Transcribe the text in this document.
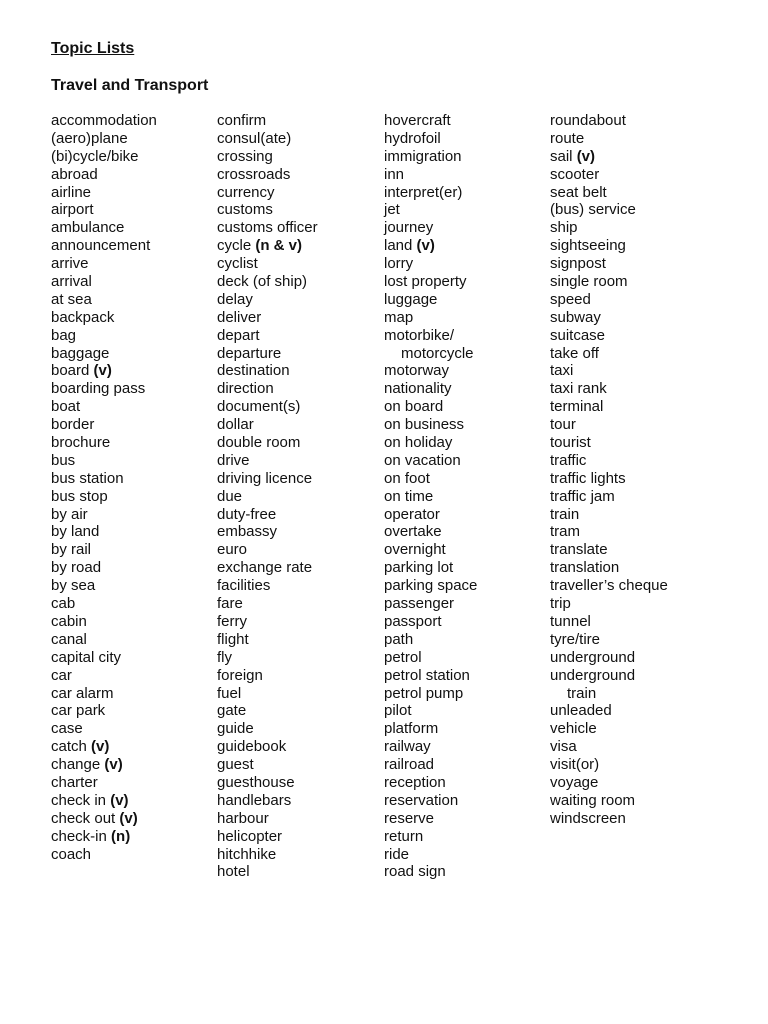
Topic Lists
Travel and Transport
accommodation
(aero)plane
(bi)cycle/bike
abroad
airline
airport
ambulance
announcement
arrive
arrival
at sea
backpack
bag
baggage
board (v)
boarding pass
boat
border
brochure
bus
bus station
bus stop
by air
by land
by rail
by road
by sea
cab
cabin
canal
capital city
car
car alarm
car park
case
catch (v)
change (v)
charter
check in (v)
check out (v)
check-in (n)
coach
confirm
consul(ate)
crossing
crossroads
currency
customs
customs officer
cycle (n & v)
cyclist
deck (of ship)
delay
deliver
depart
departure
destination
direction
document(s)
dollar
double room
drive
driving licence
due
duty-free
embassy
euro
exchange rate
facilities
fare
ferry
flight
fly
foreign
fuel
gate
guide
guidebook
guest
guesthouse
handlebars
harbour
helicopter
hitchhike
hotel
hovercraft
hydrofoil
immigration
inn
interpret(er)
jet
journey
land (v)
lorry
lost property
luggage
map
motorbike/
motorcycle
motorway
nationality
on board
on business
on holiday
on vacation
on foot
on time
operator
overtake
overnight
parking lot
parking space
passenger
passport
path
petrol
petrol station
petrol pump
pilot
platform
railway
railroad
reception
reservation
reserve
return
ride
road sign
roundabout
route
sail (v)
scooter
seat belt
(bus) service
ship
sightseeing
signpost
single room
speed
subway
suitcase
take off
taxi
taxi rank
terminal
tour
tourist
traffic
traffic lights
traffic jam
train
tram
translate
translation
traveller’s cheque
trip
tunnel
tyre/tire
underground
underground
train
unleaded
vehicle
visa
visit(or)
voyage
waiting room
windscreen
